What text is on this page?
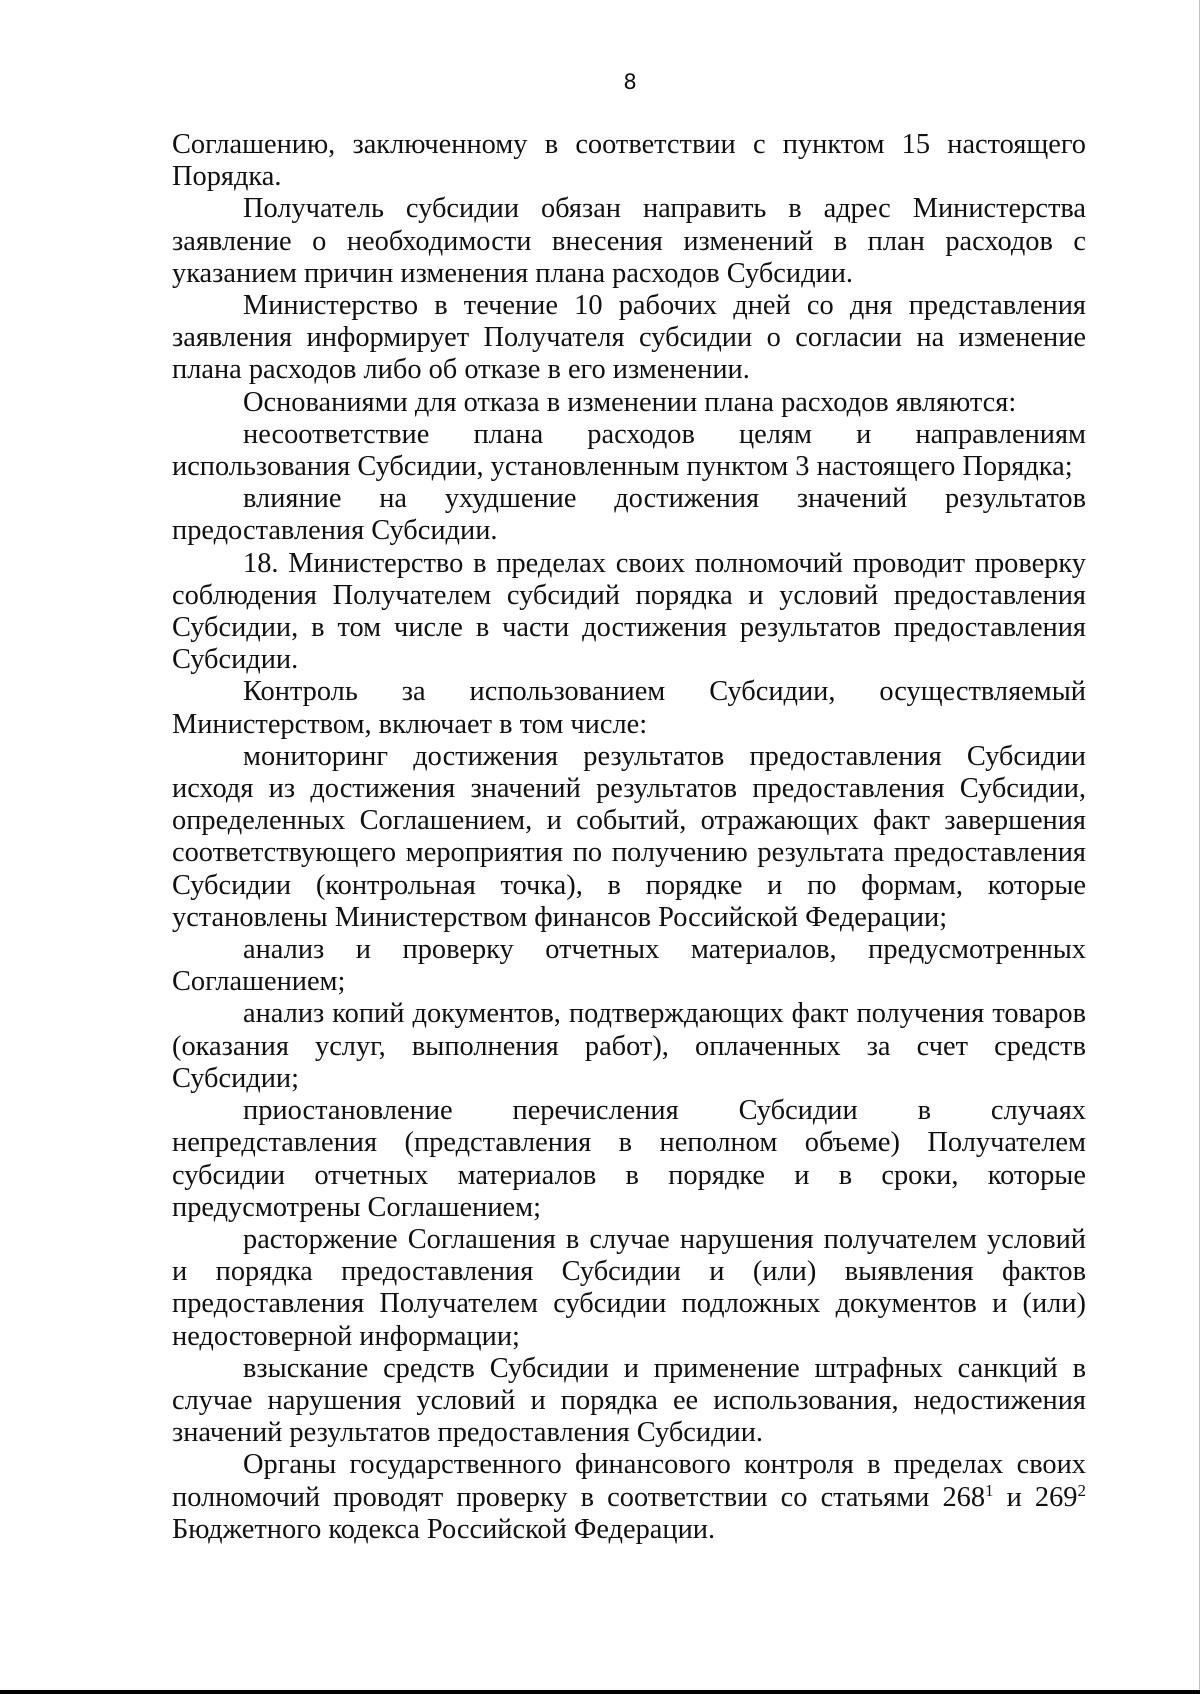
8

Соглашению, заключенному в соответствии с пунктом 15 настоящего Порядка.

Получатель субсидии обязан направить в адрес Министерства заявление о необходимости внесения изменений в план расходов с указанием причин изменения плана расходов Субсидии.

Министерство в течение 10 рабочих дней со дня представления заявления информирует Получателя субсидии о согласии на изменение плана расходов либо об отказе в его изменении.

Основаниями для отказа в изменении плана расходов являются:

несоответствие плана расходов целям и направлениям использования Субсидии, установленным пунктом 3 настоящего Порядка;

влияние на ухудшение достижения значений результатов предоставления Субсидии.

18. Министерство в пределах своих полномочий проводит проверку соблюдения Получателем субсидий порядка и условий предоставления Субсидии, в том числе в части достижения результатов предоставления Субсидии.

Контроль за использованием Субсидии, осуществляемый Министерством, включает в том числе:

мониторинг достижения результатов предоставления Субсидии исходя из достижения значений результатов предоставления Субсидии, определенных Соглашением, и событий, отражающих факт завершения соответствующего мероприятия по получению результата предоставления Субсидии (контрольная точка), в порядке и по формам, которые установлены Министерством финансов Российской Федерации;

анализ и проверку отчетных материалов, предусмотренных Соглашением;

анализ копий документов, подтверждающих факт получения товаров (оказания услуг, выполнения работ), оплаченных за счет средств Субсидии;

приостановление перечисления Субсидии в случаях непредставления (представления в неполном объеме) Получателем субсидии отчетных материалов в порядке и в сроки, которые предусмотрены Соглашением;

расторжение Соглашения в случае нарушения получателем условий и порядка предоставления Субсидии и (или) выявления фактов предоставления Получателем субсидии подложных документов и (или) недостоверной информации;

взыскание средств Субсидии и применение штрафных санкций в случае нарушения условий и порядка ее использования, недостижения значений результатов предоставления Субсидии.

Органы государственного финансового контроля в пределах своих полномочий проводят проверку в соответствии со статьями $268^1$ и $269^2$ Бюджетного кодекса Российской Федерации.
